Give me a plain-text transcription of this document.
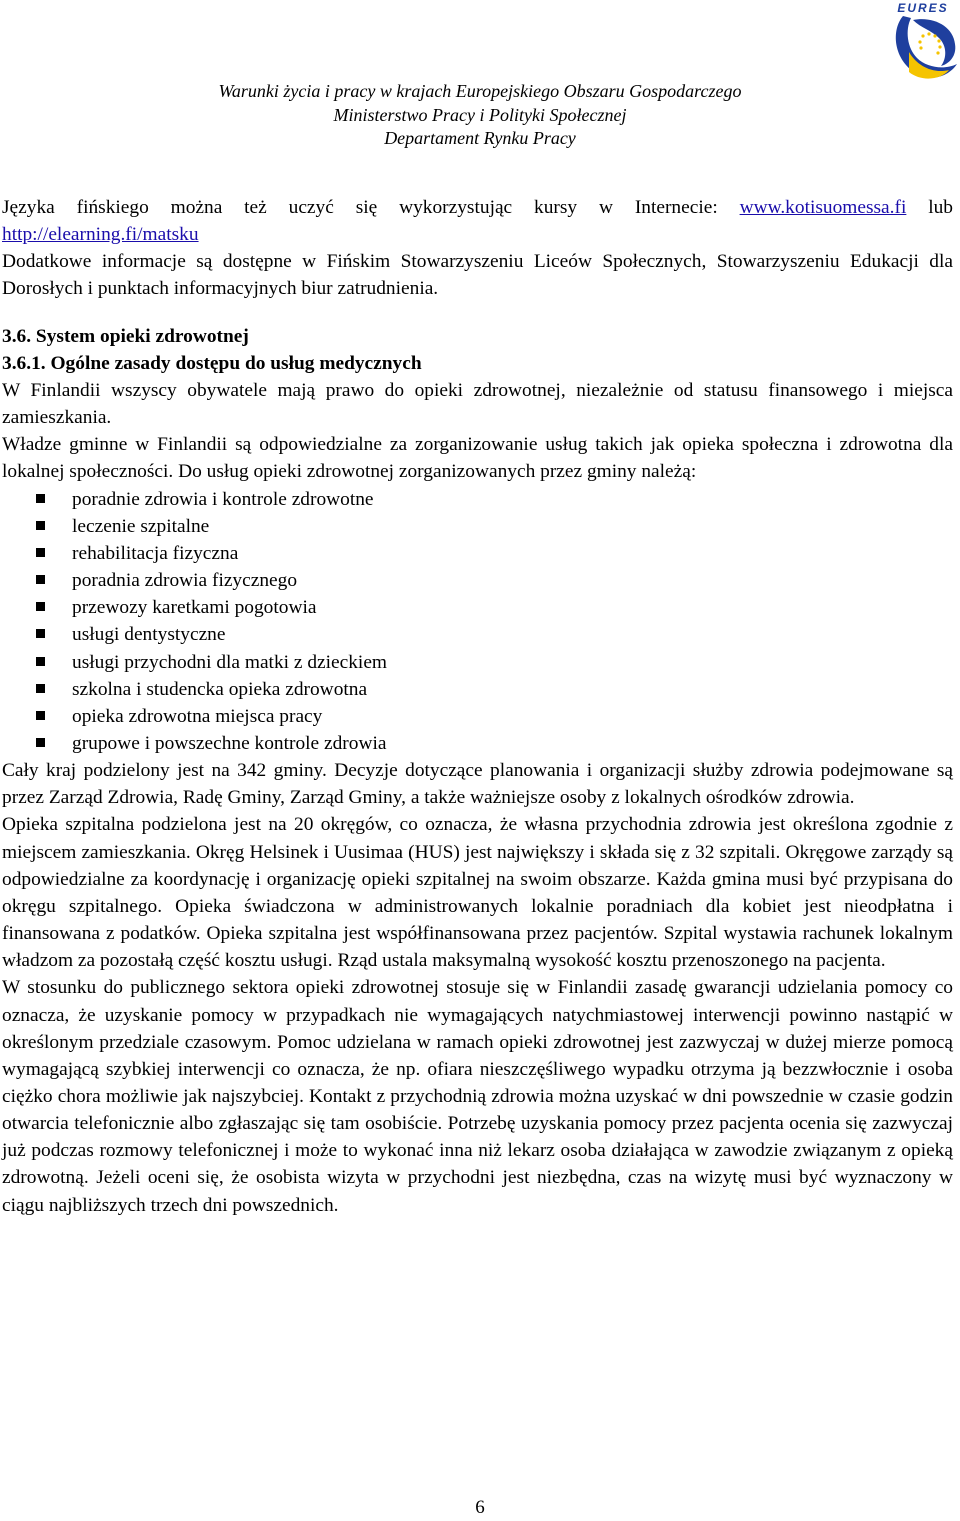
EURES
Warunki życia i pracy w krajach Europejskiego Obszaru Gospodarczego
Ministerstwo Pracy i Polityki Społecznej
Departament Rynku Pracy

Języka fińskiego można też uczyć się wykorzystując kursy w Internecie: www.kotisuomessa.fi lub http://elearning.fi/matsku

Dodatkowe informacje są dostępne w Fińskim Stowarzyszeniu Liceów Społecznych, Stowarzyszeniu Edukacji dla Dorosłych i punktach informacyjnych biur zatrudnienia.

3.6. System opieki zdrowotnej

3.6.1. Ogólne zasady dostępu do usług medycznych

W Finlandii wszyscy obywatele mają prawo do opieki zdrowotnej, niezależnie od statusu finansowego i miejsca zamieszkania.

Władze gminne w Finlandii są odpowiedzialne za zorganizowanie usług takich jak opieka społeczna i zdrowotna dla lokalnej społeczności. Do usług opieki zdrowotnej zorganizowanych przez gminy należą:

poradnie zdrowia i kontrole zdrowotne
leczenie szpitalne
rehabilitacja fizyczna
poradnia zdrowia fizycznego
przewozy karetkami pogotowia
usługi dentystyczne
usługi przychodni dla matki z dzieckiem
szkolna i studencka opieka zdrowotna
opieka zdrowotna miejsca pracy
grupowe i powszechne kontrole zdrowia

Cały kraj podzielony jest na 342 gminy. Decyzje dotyczące planowania i organizacji służby zdrowia podejmowane są przez Zarząd Zdrowia, Radę Gminy, Zarząd Gminy, a także ważniejsze osoby z lokalnych ośrodków zdrowia.

Opieka szpitalna podzielona jest na 20 okręgów, co oznacza, że własna przychodnia zdrowia jest określona zgodnie z miejscem zamieszkania. Okręg Helsinek i Uusimaa (HUS) jest największy i składa się z 32 szpitali. Okręgowe zarządy są odpowiedzialne za koordynację i organizację opieki szpitalnej na swoim obszarze. Każda gmina musi być przypisana do okręgu szpitalnego. Opieka świadczona w administrowanych lokalnie poradniach dla kobiet jest nieodpłatna i finansowana z podatków. Opieka szpitalna jest współfinansowana przez pacjentów. Szpital wystawia rachunek lokalnym władzom za pozostałą część kosztu usługi. Rząd ustala maksymalną wysokość kosztu przenoszonego na pacjenta.

W stosunku do publicznego sektora opieki zdrowotnej stosuje się w Finlandii zasadę gwarancji udzielania pomocy co oznacza, że uzyskanie pomocy w przypadkach nie wymagających natychmiastowej interwencji powinno nastąpić w określonym przedziale czasowym. Pomoc udzielana w ramach opieki zdrowotnej jest zazwyczaj w dużej mierze pomocą wymagającą szybkiej interwencji co oznacza, że np. ofiara nieszczęśliwego wypadku otrzyma ją bezzwłocznie i osoba ciężko chora możliwie jak najszybciej. Kontakt z przychodnią zdrowia można uzyskać w dni powszednie w czasie godzin otwarcia telefonicznie albo zgłaszając się tam osobiście. Potrzebę uzyskania pomocy przez pacjenta ocenia się zazwyczaj już podczas rozmowy telefonicznej i może to wykonać inna niż lekarz osoba działająca w zawodzie związanym z opieką zdrowotną. Jeżeli oceni się, że osobista wizyta w przychodni jest niezbędna, czas na wizytę musi być wyznaczony w ciągu najbliższych trzech dni powszednich.

6
